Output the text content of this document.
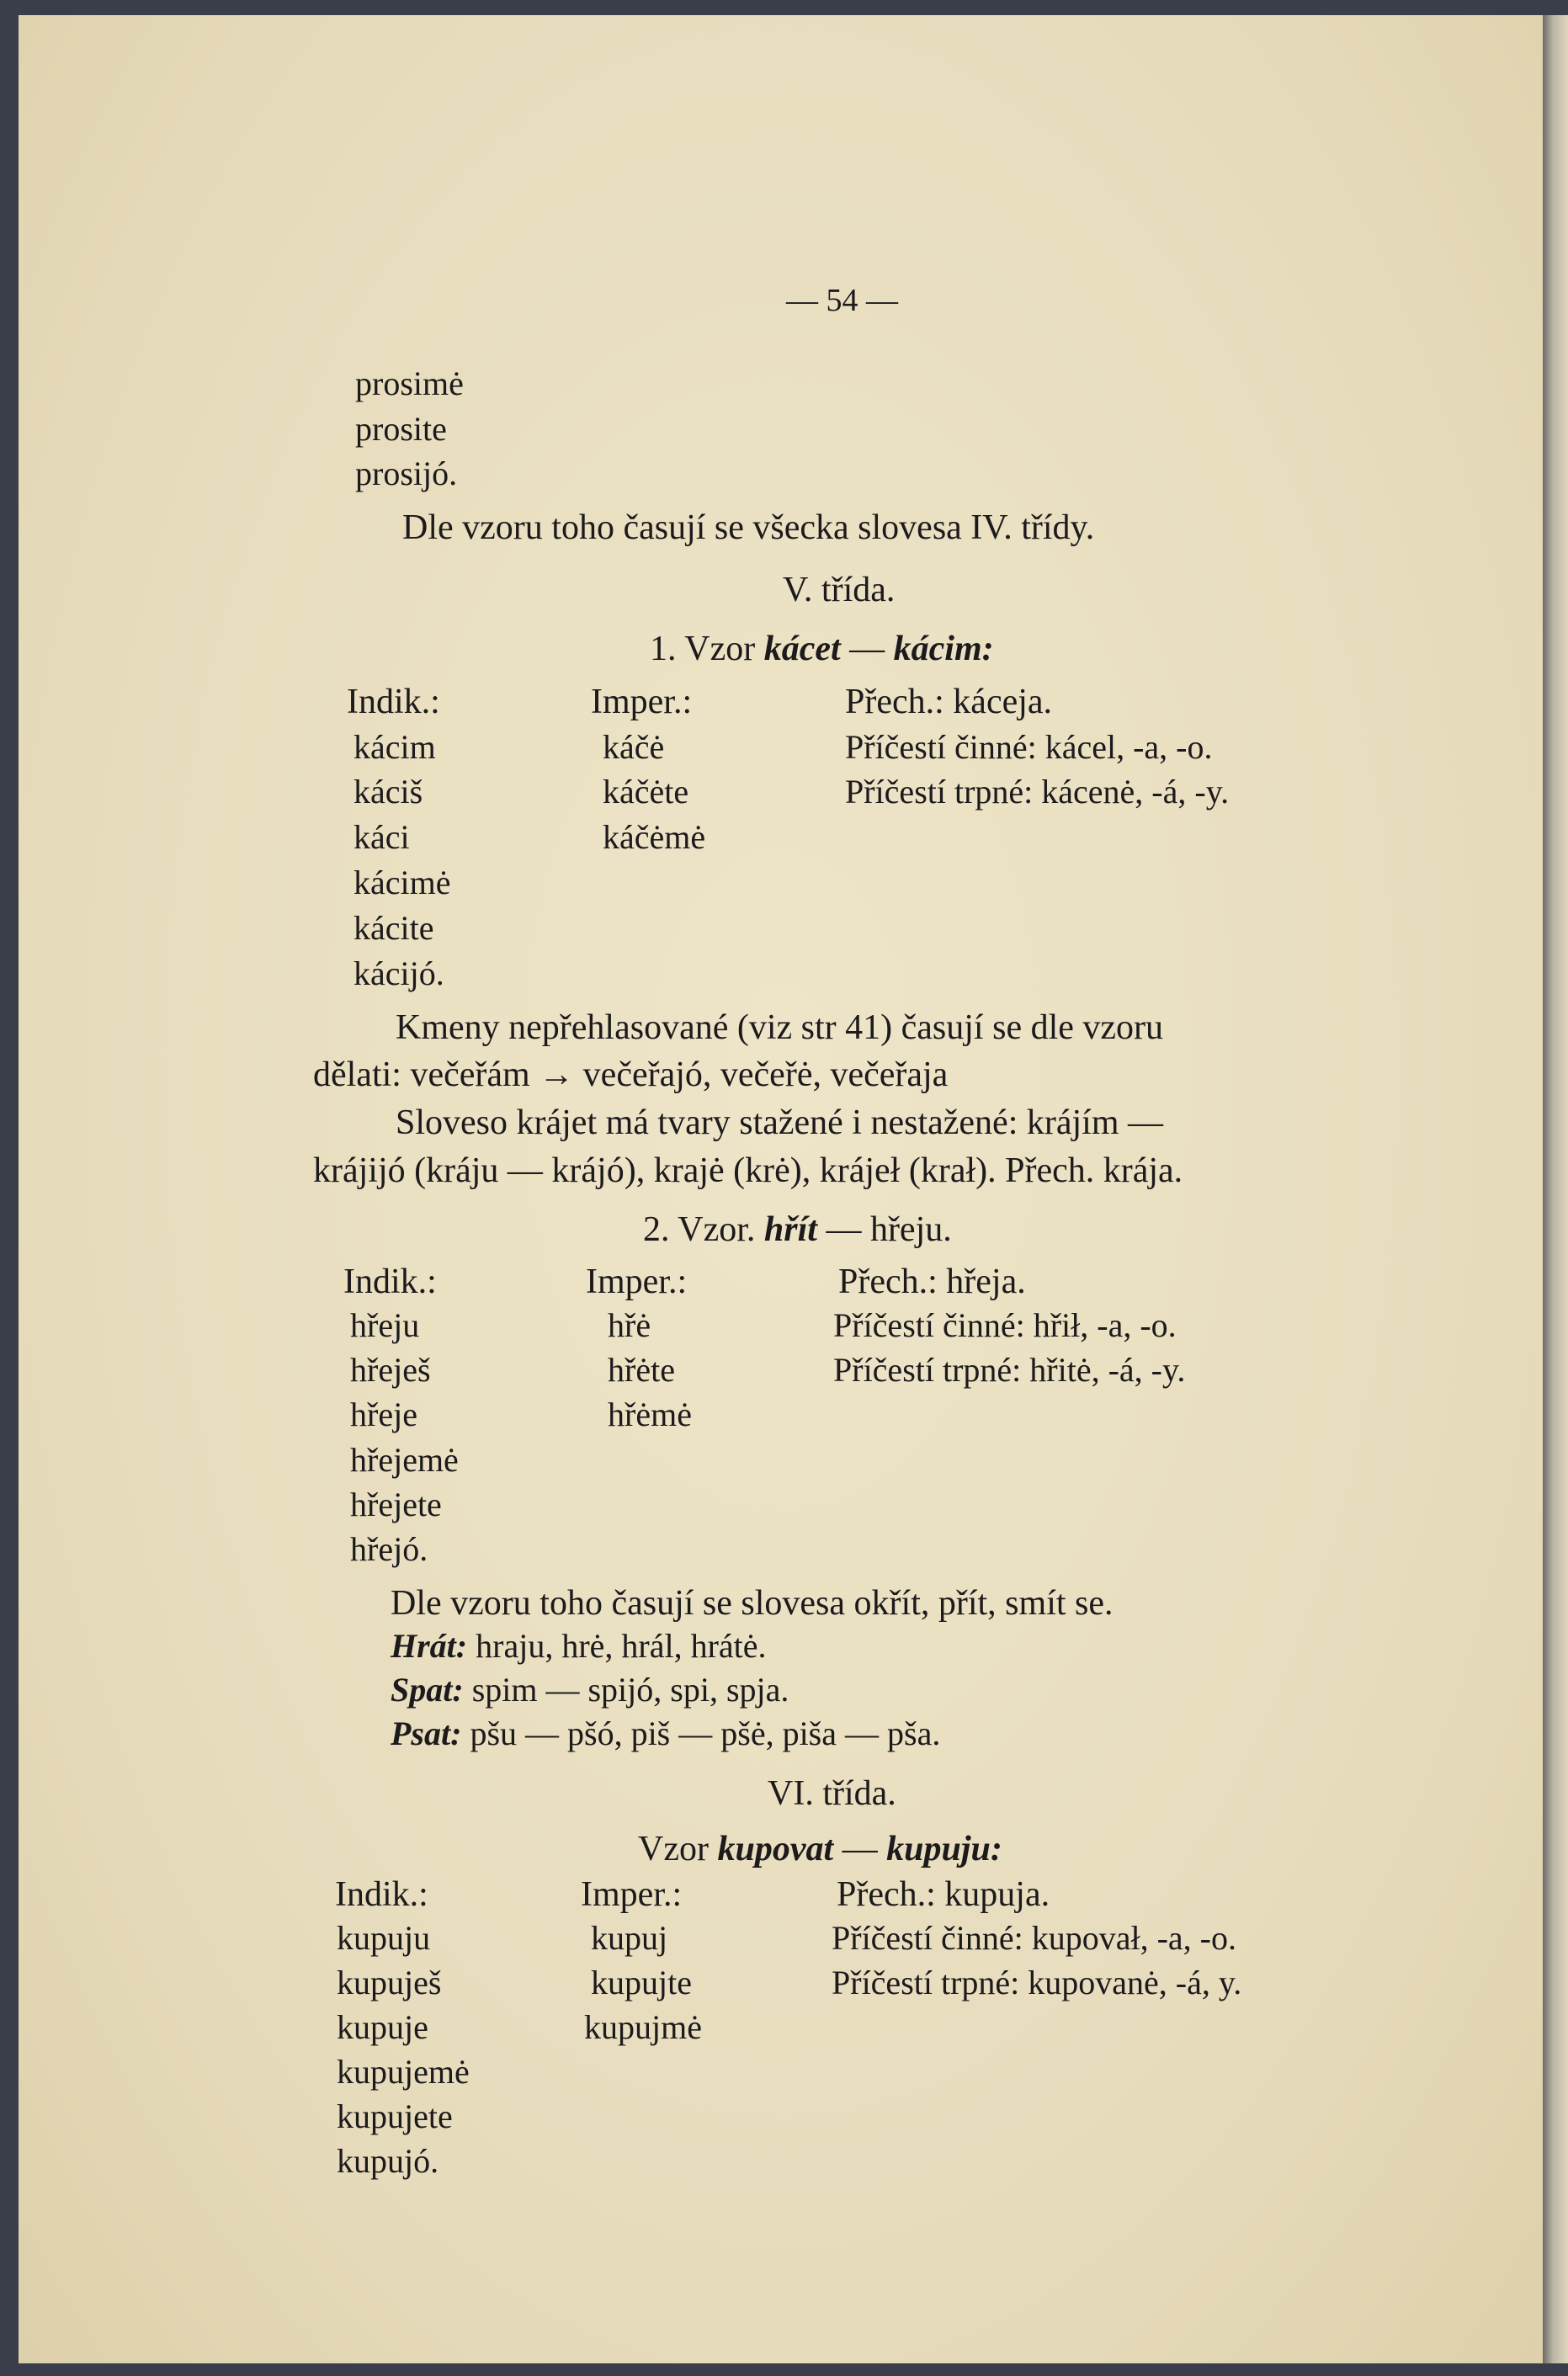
— 54 —
prosimė
prosite
prosijó.
Dle vzoru toho časují se všecka slovesa IV. třídy.
V. třída.
1. Vzor kácet — kácim:
Indik.:
kácim
káciš
káci
kácimė
kácite
kácijó.
Imper.:
káčė
káčėte
káčėmė
Přech.: káceja.
Příčestí činné: kácel, -a, -o.
Příčestí trpné: kácenė, -á, -y.
Kmeny nepřehlasované (viz str 41) časují se dle vzoru
dělati: večeřám → večeřajó, večeřė, večeřaja
Sloveso krájet má tvary stažené i nestažené: krájím —
krájijó (kráju — krájó), krajė (krė), krájeł (krał). Přech. krája.
2. Vzor. hřít — hřeju.
Indik.:
hřeju
hřeješ
hřeje
hřejemė
hřejete
hřejó.
Imper.:
hřė
hřėte
hřėmė
Přech.: hřeja.
Příčestí činné: hřił, -a, -o.
Příčestí trpné: hřitė, -á, -y.
Dle vzoru toho časují se slovesa okřít, přít, smít se.
Hrát: hraju, hrė, hrál, hrátė.
Spat: spim — spijó, spi, spja.
Psat: pšu — pšó, piš — pšė, piša — pša.
VI. třída.
Vzor kupovat — kupuju:
Indik.:
kupuju
kupuješ
kupuje
kupujemė
kupujete
kupujó.
Imper.:
kupuj
kupujte
kupujmė
Přech.: kupuja.
Příčestí činné: kupovał, -a, -o.
Příčestí trpné: kupovanė, -á, y.
